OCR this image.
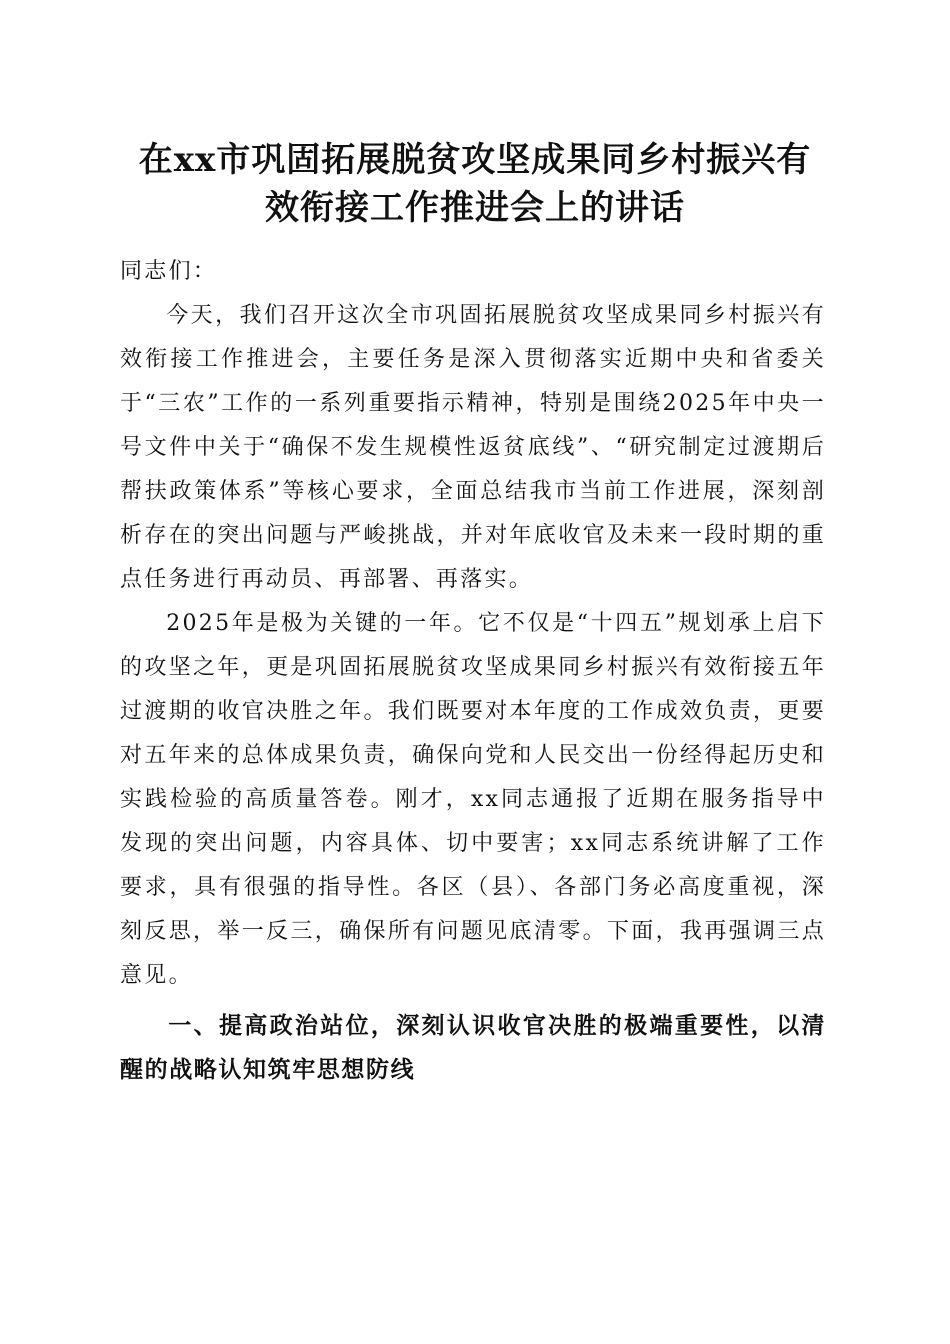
在xx市巩固拓展脱贫攻坚成果同乡村振兴有
效衔接工作推进会上的讲话

同志们：

今天，我们召开这次全市巩固拓展脱贫攻坚成果同乡村振兴有效衔接工作推进会，主要任务是深入贯彻落实近期中央和省委关于“三农”工作的一系列重要指示精神，特别是围绕2025年中央一号文件中关于“确保不发生规模性返贫底线”、“研究制定过渡期后帮扶政策体系”等核心要求，全面总结我市当前工作进展，深刻剖析存在的突出问题与严峻挑战，并对年底收官及未来一段时期的重点任务进行再动员、再部署、再落实。

2025年是极为关键的一年。它不仅是“十四五”规划承上启下的攻坚之年，更是巩固拓展脱贫攻坚成果同乡村振兴有效衔接五年过渡期的收官决胜之年。我们既要对本年度的工作成效负责，更要对五年来的总体成果负责，确保向党和人民交出一份经得起历史和实践检验的高质量答卷。刚才，xx同志通报了近期在服务指导中发现的突出问题，内容具体、切中要害；xx同志系统讲解了工作要求，具有很强的指导性。各区（县）、各部门务必高度重视，深刻反思，举一反三，确保所有问题见底清零。下面，我再强调三点意见。

一、提高政治站位，深刻认识收官决胜的极端重要性，以清醒的战略认知筑牢思想防线
